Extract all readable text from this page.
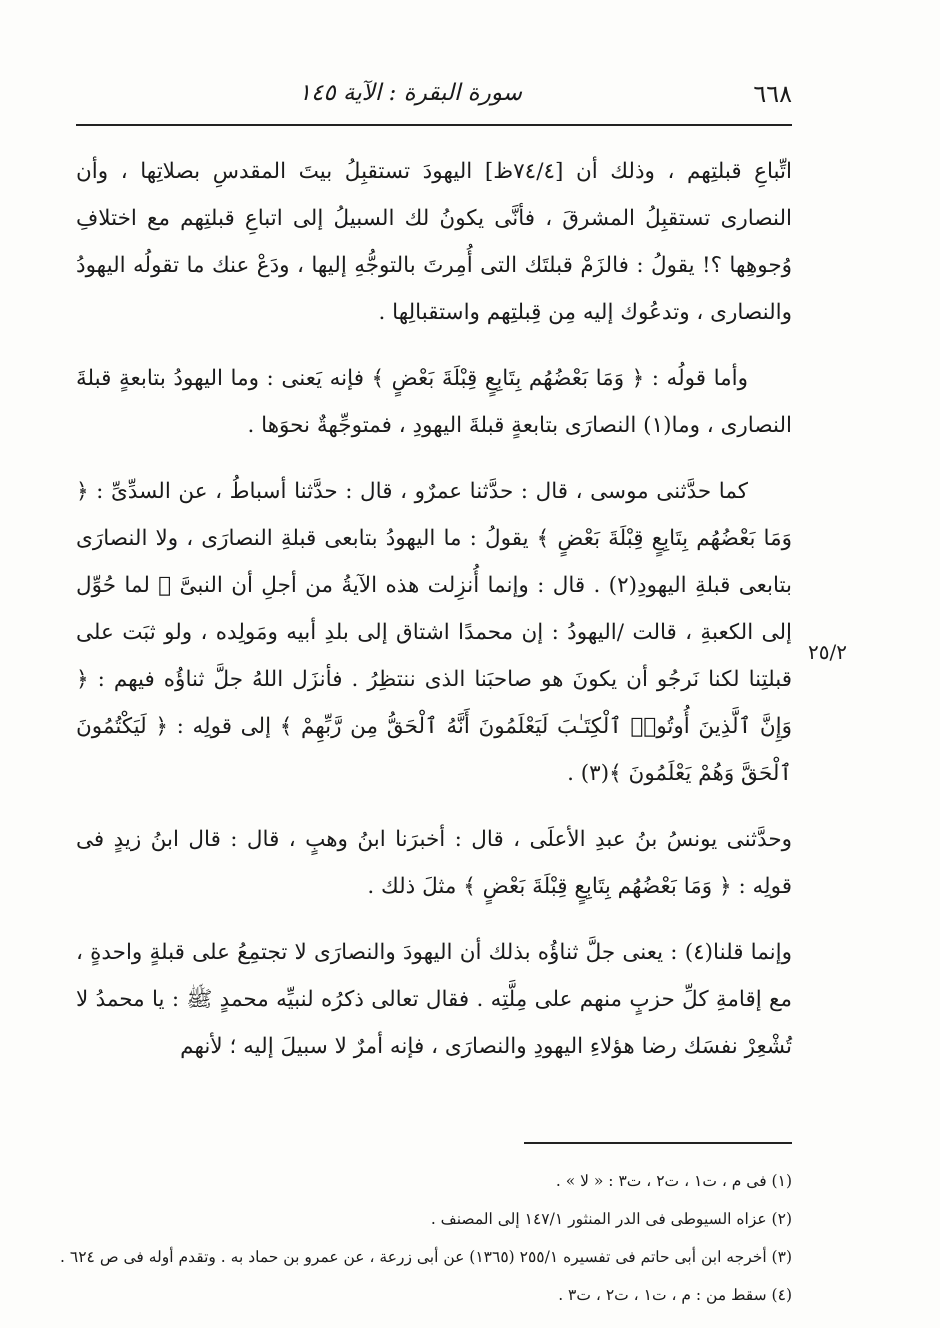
٦٦٨
سورة البقرة : الآية ١٤٥

اتِّباعِ قبلتِهم ، وذلك أن [٧٤/٤ظ] اليهودَ تستقبِلُ بيتَ المقدسِ بصلاتِها ، وأن النصارى تستقبِلُ المشرقَ ، فأنَّى يكونُ لك السبيلُ إلى اتباعِ قبلتِهم مع اختلافِ وُجوهِها ؟! يقولُ : فالزَمْ قبلتَك التى أُمِرتَ بالتوجُّهِ إليها ، ودَعْ عنك ما تقولُه اليهودُ والنصارى ، وتدعُوك إليه مِن قِبلتِهم واستقبالِها .

وأما قولُه : ﴿ وَمَا بَعْضُهُم بِتَابِعٍ قِبْلَةَ بَعْضٍ ﴾ فإنه يَعنى : وما اليهودُ بتابعةٍ قبلةَ النصارى ، وما(١) النصارَى بتابعةٍ قبلةَ اليهودِ ، فمتوجِّهةٌ نحوَها .

كما حدَّثنى موسى ، قال : حدَّثنا عمرٌو ، قال : حدَّثنا أسباطُ ، عن السدِّىِّ : ﴿ وَمَا بَعْضُهُم بِتَابِعٍ قِبْلَةَ بَعْضٍ ﴾ يقولُ : ما اليهودُ بتابعى قبلةِ النصارَى ، ولا النصارَى بتابعى قبلةِ اليهودِ(٢) . قال : وإنما أُنزِلت هذه الآيةُ من أجلِ أن النبىَّ ﷺ لما حُوِّل إلى الكعبةِ ، قالت /اليهودُ : إن محمدًا اشتاق إلى بلدِ أبيه ومَولِده ، ولو ثبَت على قبلتِنا لكنا نَرجُو أن يكونَ هو صاحبَنا الذى ننتظِرُ . فأنزَل اللهُ جلَّ ثناؤُه فيهم : ﴿ وَإِنَّ ٱلَّذِينَ أُوتُوا۟ ٱلْكِتَـٰبَ لَيَعْلَمُونَ أَنَّهُ ٱلْحَقُّ مِن رَّبِّهِمْ ﴾ إلى قولِه : ﴿ لَيَكْتُمُونَ ٱلْحَقَّ وَهُمْ يَعْلَمُونَ ﴾(٣) .

وحدَّثنى يونسُ بنُ عبدِ الأعلَى ، قال : أخبرَنا ابنُ وهبٍ ، قال : قال ابنُ زيدٍ فى قولِه : ﴿ وَمَا بَعْضُهُم بِتَابِعٍ قِبْلَةَ بَعْضٍ ﴾ مثلَ ذلك .

وإنما قلنا(٤) : يعنى جلَّ ثناؤُه بذلك أن اليهودَ والنصارَى لا تجتمِعُ على قبلةٍ واحدةٍ ، مع إقامةِ كلِّ حزبٍ منهم على مِلَّتِه . فقال تعالى ذكرُه لنبيِّه محمدٍ ﷺ : يا محمدُ لا تُشْعِرْ نفسَك رضا هؤلاءِ اليهودِ والنصارَى ، فإنه أمرٌ لا سبيلَ إليه ؛ لأنهم

٢٥/٢
(١) فى م ، ت١ ، ت٢ ، ت٣ : « لا » .
(٢) عزاه السيوطى فى الدر المنثور ١٤٧/١ إلى المصنف .
(٣) أخرجه ابن أبى حاتم فى تفسيره ٢٥٥/١ (١٣٦٥) عن أبى زرعة ، عن عمرو بن حماد به . وتقدم أوله فى ص ٦٢٤ .
(٤) سقط من : م ، ت١ ، ت٢ ، ت٣ .
